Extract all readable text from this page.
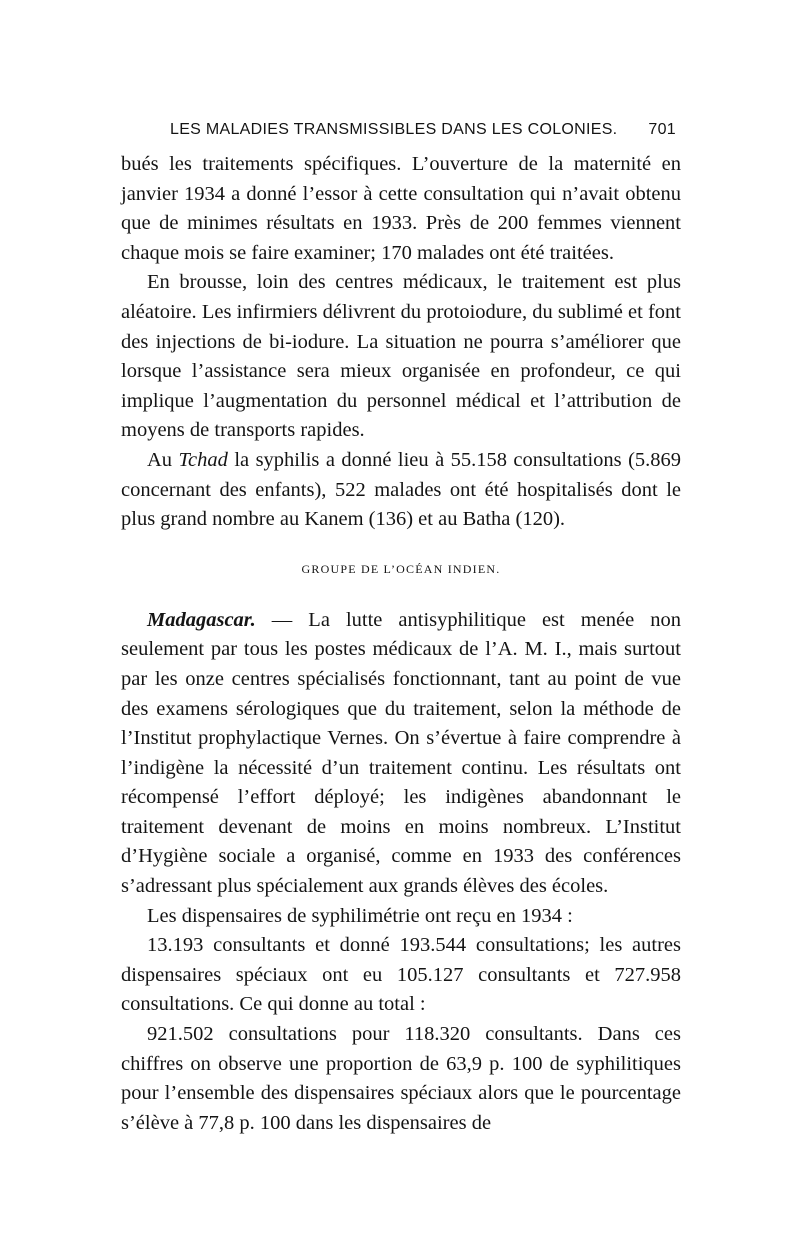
LES MALADIES TRANSMISSIBLES DANS LES COLONIES. 701

bués les traitements spécifiques. L’ouverture de la maternité en janvier 1934 a donné l’essor à cette consultation qui n’avait obtenu que de minimes résultats en 1933. Près de 200 femmes viennent chaque mois se faire examiner; 170 malades ont été traitées.

En brousse, loin des centres médicaux, le traitement est plus aléatoire. Les infirmiers délivrent du protoiodure, du sublimé et font des injections de bi-iodure. La situation ne pourra s’améliorer que lorsque l’assistance sera mieux organisée en profondeur, ce qui implique l’augmentation du personnel médical et l’attribution de moyens de transports rapides.

Au Tchad la syphilis a donné lieu à 55.158 consultations (5.869 concernant des enfants), 522 malades ont été hospitalisés dont le plus grand nombre au Kanem (136) et au Batha (120).

GROUPE DE L’OCÉAN INDIEN.

Madagascar. — La lutte antisyphilitique est menée non seulement par tous les postes médicaux de l’A. M. I., mais surtout par les onze centres spécialisés fonctionnant, tant au point de vue des examens sérologiques que du traitement, selon la méthode de l’Institut prophylactique Vernes. On s’évertue à faire comprendre à l’indigène la nécessité d’un traitement continu. Les résultats ont récompensé l’effort déployé; les indigènes abandonnant le traitement devenant de moins en moins nombreux. L’Institut d’Hygiène sociale a organisé, comme en 1933 des conférences s’adressant plus spécialement aux grands élèves des écoles.

Les dispensaires de syphilimétrie ont reçu en 1934 :

13.193 consultants et donné 193.544 consultations; les autres dispensaires spéciaux ont eu 105.127 consultants et 727.958 consultations. Ce qui donne au total :

921.502 consultations pour 118.320 consultants. Dans ces chiffres on observe une proportion de 63,9 p. 100 de syphilitiques pour l’ensemble des dispensaires spéciaux alors que le pourcentage s’élève à 77,8 p. 100 dans les dispensaires de
